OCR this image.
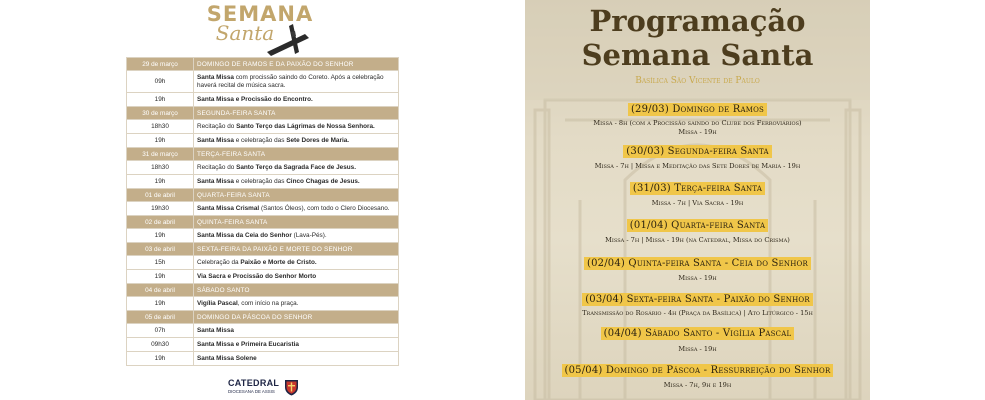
SEMANA
Santa
29 de março	DOMINGO DE RAMOS E DA PAIXÃO DO SENHOR
09h	Santa Missa com procissão saindo do Coreto. Após a celebração haverá recital de música sacra.
19h	Santa Missa e Procissão do Encontro.
30 de março	SEGUNDA-FEIRA SANTA
18h30	Recitação do Santo Terço das Lágrimas de Nossa Senhora.
19h	Santa Missa e celebração das Sete Dores de Maria.
31 de março	TERÇA-FEIRA SANTA
18h30	Recitação do Santo Terço da Sagrada Face de Jesus.
19h	Santa Missa e celebração das Cinco Chagas de Jesus.
01 de abril	QUARTA-FEIRA SANTA
19h30	Santa Missa Crismal (Santos Óleos), com todo o Clero Diocesano.
02 de abril	QUINTA-FEIRA SANTA
19h	Santa Missa da Ceia do Senhor (Lava-Pés).
03 de abril	SEXTA-FEIRA DA PAIXÃO E MORTE DO SENHOR
15h	Celebração da Paixão e Morte de Cristo.
19h	Via Sacra e Procissão do Senhor Morto
04 de abril	SÁBADO SANTO
19h	Vigília Pascal, com início na praça.
05 de abril	DOMINGO DA PÁSCOA DO SENHOR
07h	Santa Missa
09h30	Santa Missa e Primeira Eucaristia
19h	Santa Missa Solene
CATEDRAL
DIOCESANA DE ASSIS
Programação
Semana Santa
Basílica São Vicente de Paulo
(29/03) Domingo de Ramos
Missa - 8h (com a Procissão saindo do Clube dos Ferroviários)
Missa - 19h
(30/03) Segunda-feira Santa
Missa - 7h | Missa e Meditação das Sete Dores de Maria - 19h
(31/03) Terça-feira Santa
Missa - 7h | Via Sacra - 19h
(01/04) Quarta-feira Santa
Missa - 7h | Missa - 19h (na Catedral, Missa do Crisma)
(02/04) Quinta-feira Santa - Ceia do Senhor
Missa - 19h
(03/04) Sexta-feira Santa - Paixão do Senhor
Transmissão do Rosário - 4h (Praça da Basílica) | Ato Litúrgico - 15h
(04/04) Sábado Santo - Vigília Pascal
Missa - 19h
(05/04) Domingo de Páscoa - Ressurreição do Senhor
Missa - 7h, 9h e 19h
